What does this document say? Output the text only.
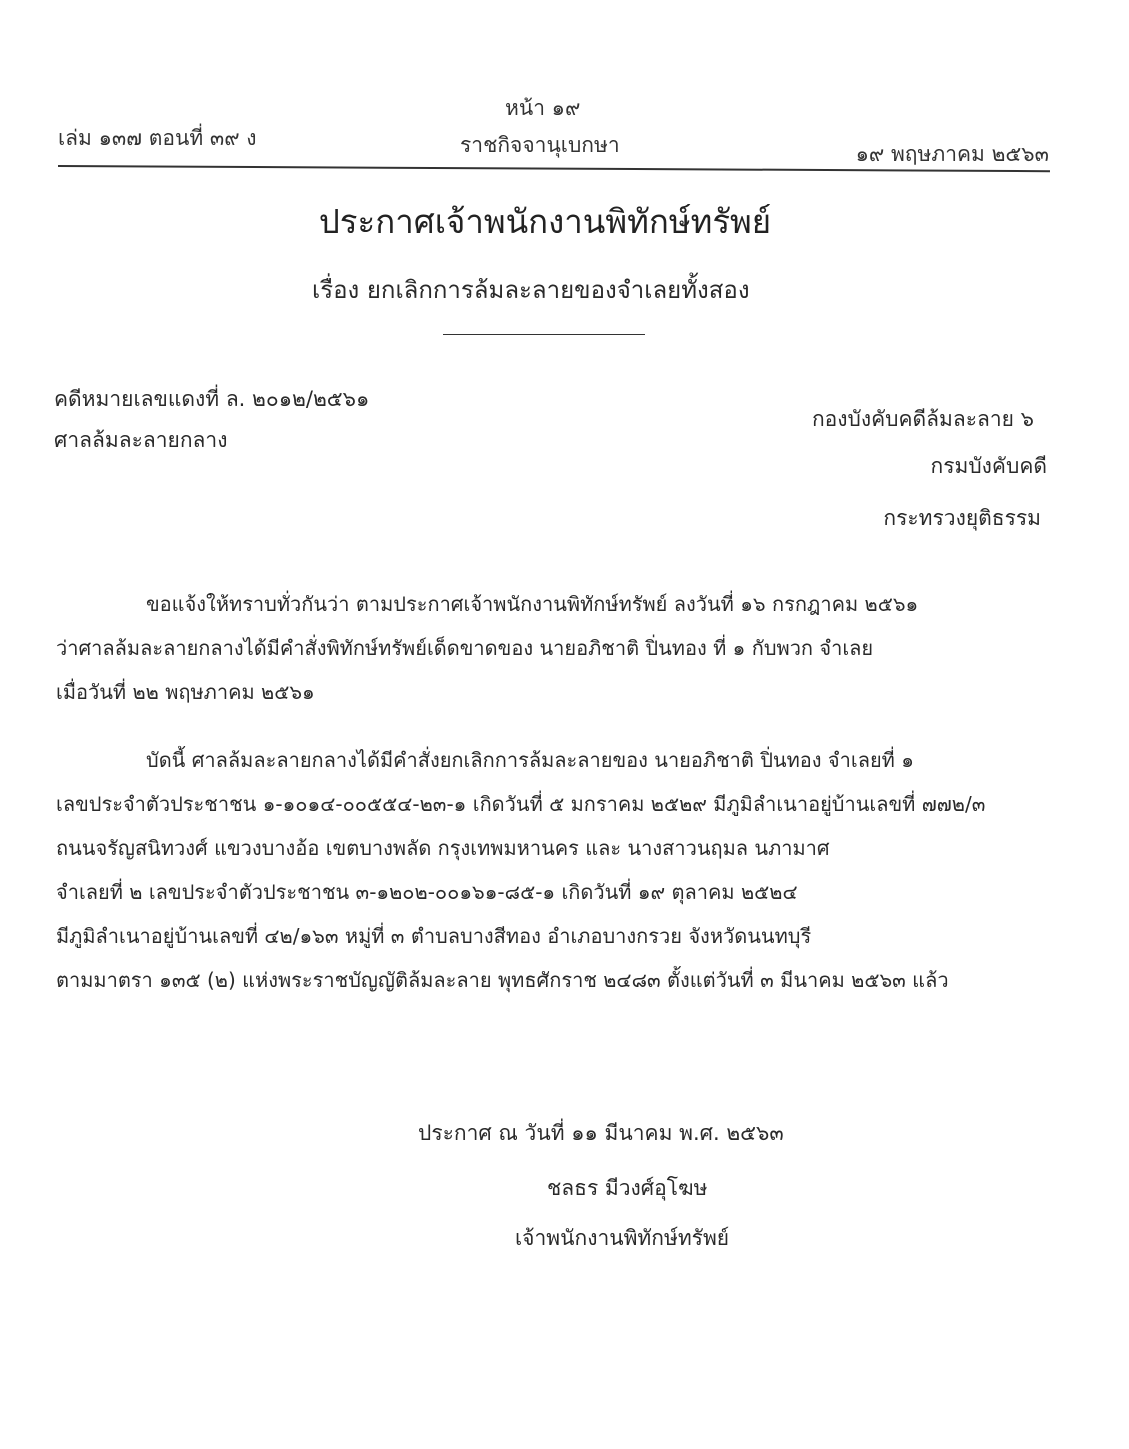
หน้า ๑๙
เล่ม ๑๓๗ ตอนที่ ๓๙ ง	ราชกิจจานุเบกษา	๑๙ พฤษภาคม ๒๕๖๓
ประกาศเจ้าพนักงานพิทักษ์ทรัพย์
เรื่อง ยกเลิกการล้มละลายของจำเลยทั้งสอง
คดีหมายเลขแดงที่ ล. ๒๐๑๒/๒๕๖๑
ศาลล้มละลายกลาง
กองบังคับคดีล้มละลาย ๖
กรมบังคับคดี
กระทรวงยุติธรรม
ขอแจ้งให้ทราบทั่วกันว่า ตามประกาศเจ้าพนักงานพิทักษ์ทรัพย์ ลงวันที่ ๑๖ กรกฎาคม ๒๕๖๑
ว่าศาลล้มละลายกลางได้มีคำสั่งพิทักษ์ทรัพย์เด็ดขาดของ นายอภิชาติ ปิ่นทอง ที่ ๑ กับพวก จำเลย
เมื่อวันที่ ๒๒ พฤษภาคม ๒๕๖๑
บัดนี้ ศาลล้มละลายกลางได้มีคำสั่งยกเลิกการล้มละลายของ นายอภิชาติ ปิ่นทอง จำเลยที่ ๑
เลขประจำตัวประชาชน ๑-๑๐๑๔-๐๐๕๕๔-๒๓-๑ เกิดวันที่ ๕ มกราคม ๒๕๒๙ มีภูมิลำเนาอยู่บ้านเลขที่ ๗๗๒/๓
ถนนจรัญสนิทวงศ์ แขวงบางอ้อ เขตบางพลัด กรุงเทพมหานคร และ นางสาวนฤมล นภามาศ
จำเลยที่ ๒ เลขประจำตัวประชาชน ๓-๑๒๐๒-๐๐๑๖๑-๘๕-๑ เกิดวันที่ ๑๙ ตุลาคม ๒๕๒๔
มีภูมิลำเนาอยู่บ้านเลขที่ ๔๒/๑๖๓ หมู่ที่ ๓ ตำบลบางสีทอง อำเภอบางกรวย จังหวัดนนทบุรี
ตามมาตรา ๑๓๕ (๒) แห่งพระราชบัญญัติล้มละลาย พุทธศักราช ๒๔๘๓ ตั้งแต่วันที่ ๓ มีนาคม ๒๕๖๓ แล้ว
ประกาศ ณ วันที่ ๑๑ มีนาคม พ.ศ. ๒๕๖๓
ชลธร มีวงศ์อุโฆษ
เจ้าพนักงานพิทักษ์ทรัพย์
